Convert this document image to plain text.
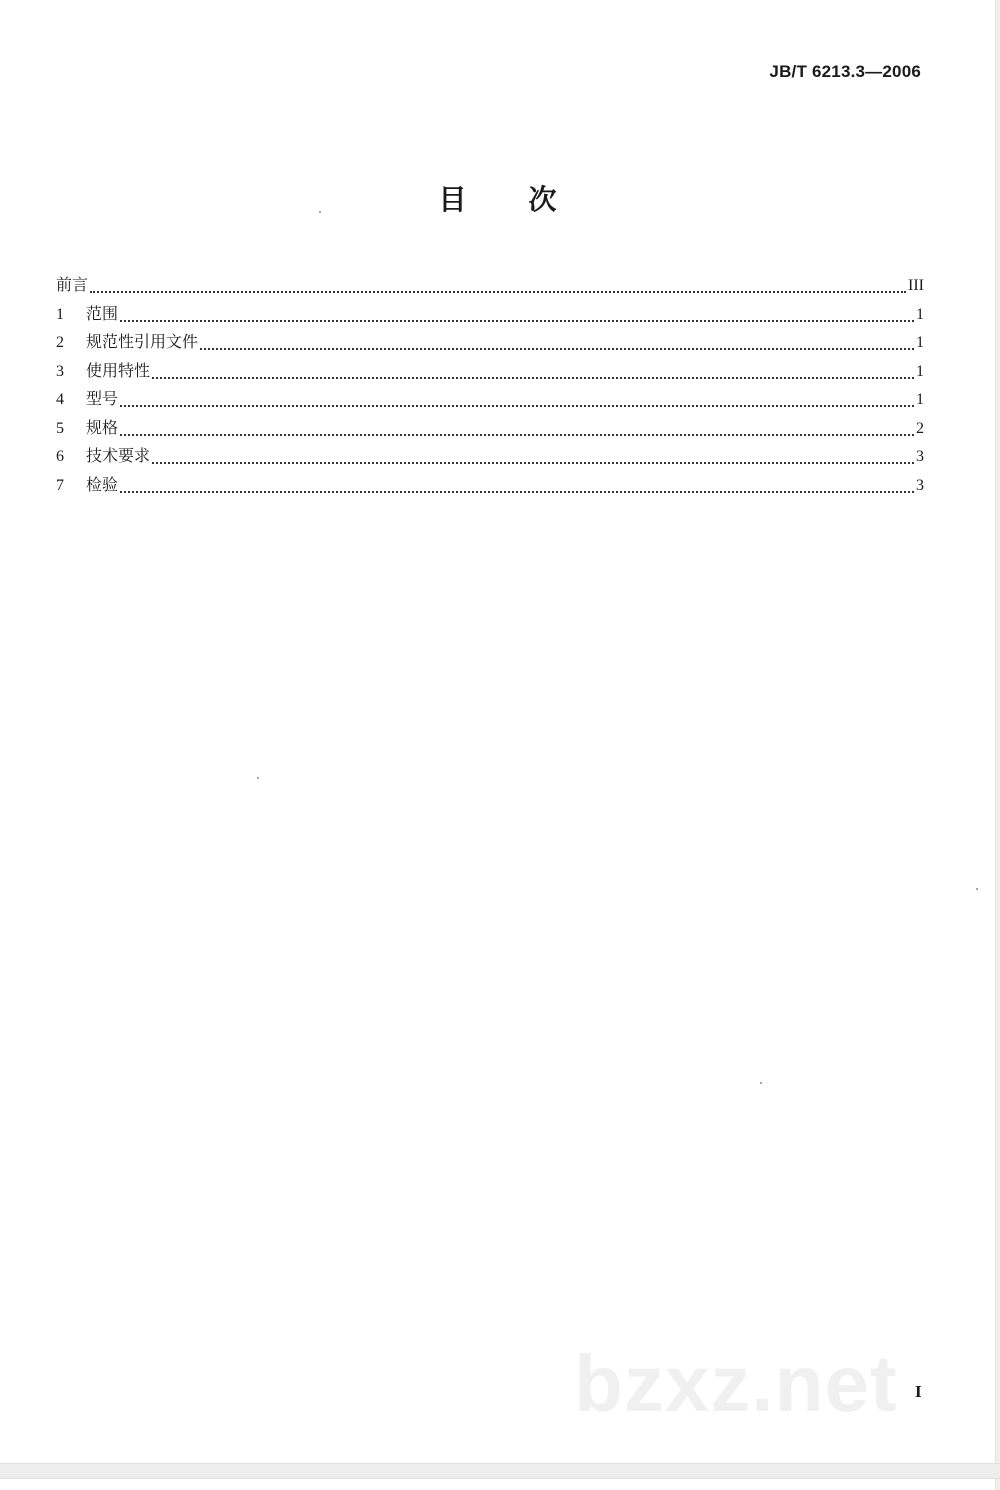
JB/T 6213.3—2006
目 次
前言	III
1	范围	1
2	规范性引用文件	1
3	使用特性	1
4	型号	1
5	规格	2
6	技术要求	3
7	检验	3
bzxz.net I
